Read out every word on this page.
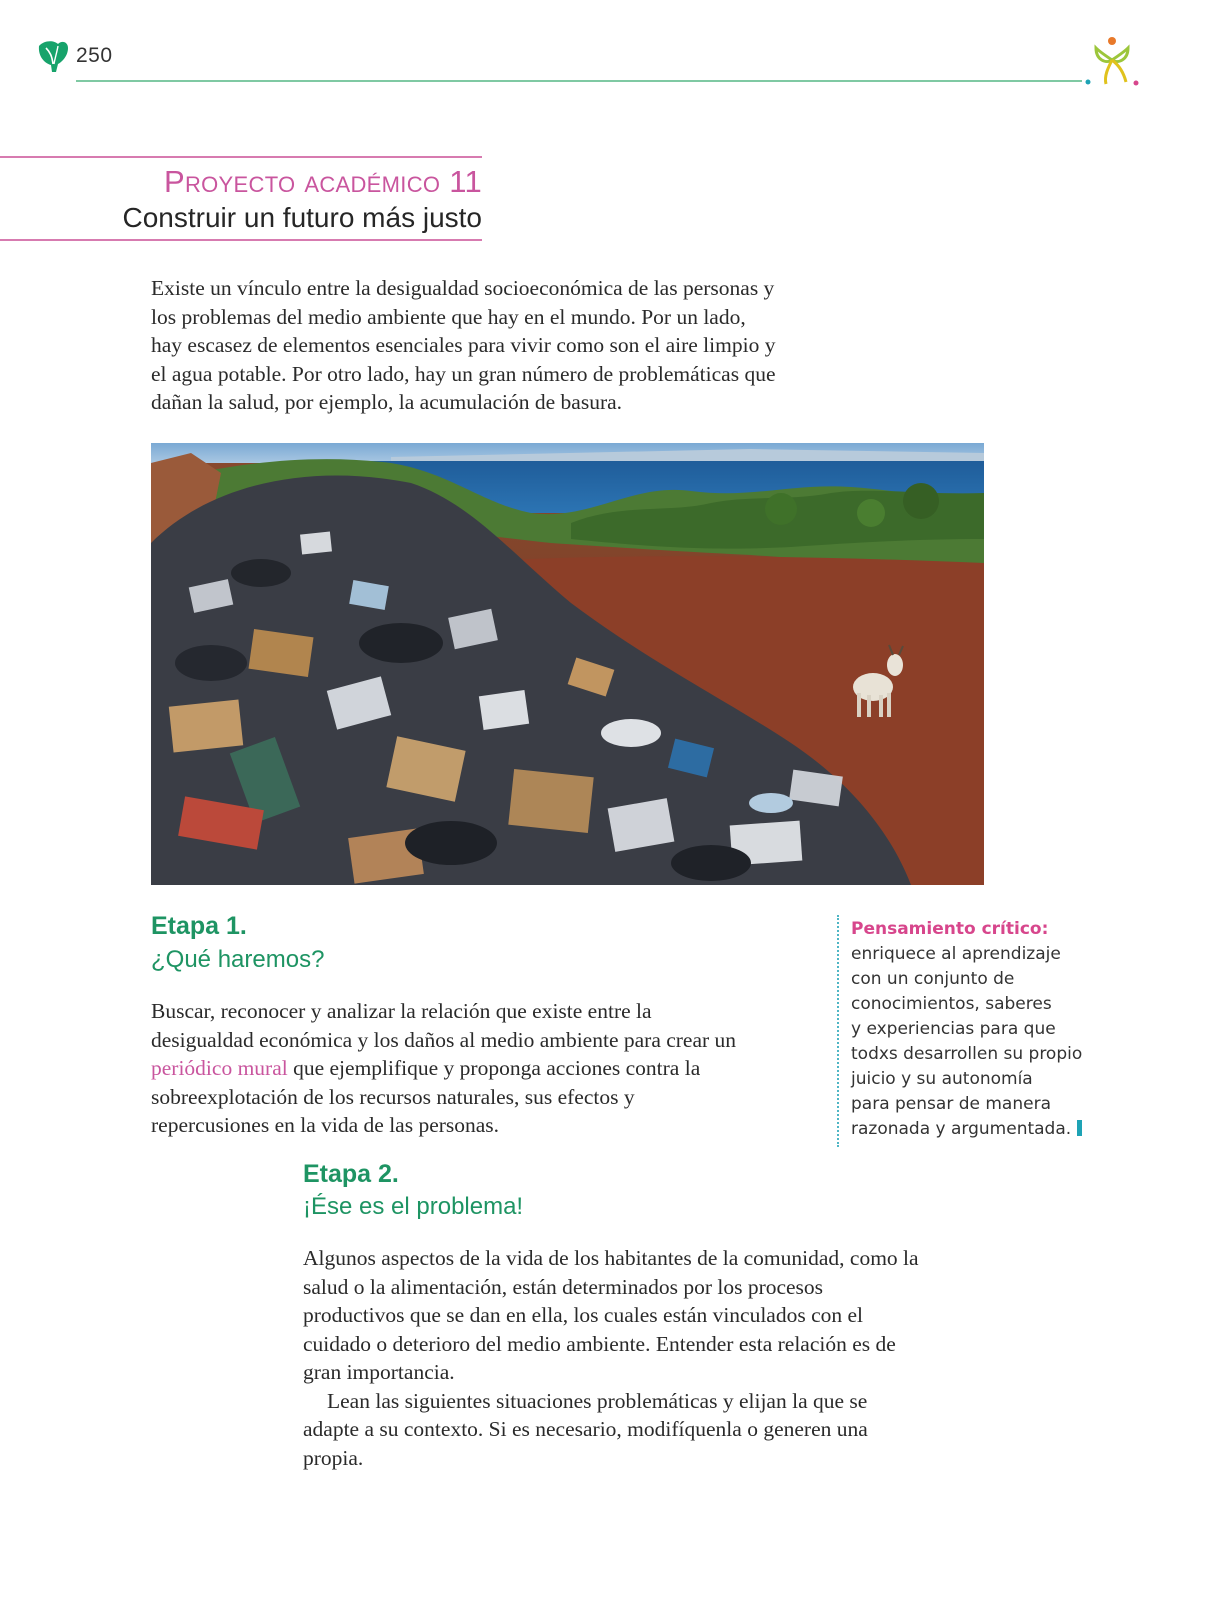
250
Proyecto académico 11
Construir un futuro más justo

Existe un vínculo entre la desigualdad socioeconómica de las personas y
los problemas del medio ambiente que hay en el mundo. Por un lado,
hay escasez de elementos esenciales para vivir como son el aire limpio y
el agua potable. Por otro lado, hay un gran número de problemáticas que
dañan la salud, por ejemplo, la acumulación de basura.

Etapa 1.
¿Qué haremos?

Buscar, reconocer y analizar la relación que existe entre la desigualdad económica y los daños al medio ambiente para crear un periódico mural que ejemplifique y proponga acciones contra la sobreexplotación de los recursos naturales, sus efectos y repercusiones en la vida de las personas.

Pensamiento crítico:
enriquece al aprendizaje
con un conjunto de
conocimientos, saberes
y experiencias para que
todxs desarrollen su propio
juicio y su autonomía
para pensar de manera
razonada y argumentada.
Etapa 2.
¡Ése es el problema!

Algunos aspectos de la vida de los habitantes de la comunidad, como la salud o la alimentación, están determinados por los procesos productivos que se dan en ella, los cuales están vinculados con el cuidado o deterioro del medio ambiente. Entender esta relación es de gran importancia.

Lean las siguientes situaciones problemáticas y elijan la que se adapte a su contexto. Si es necesario, modifíquenla o generen una propia.
